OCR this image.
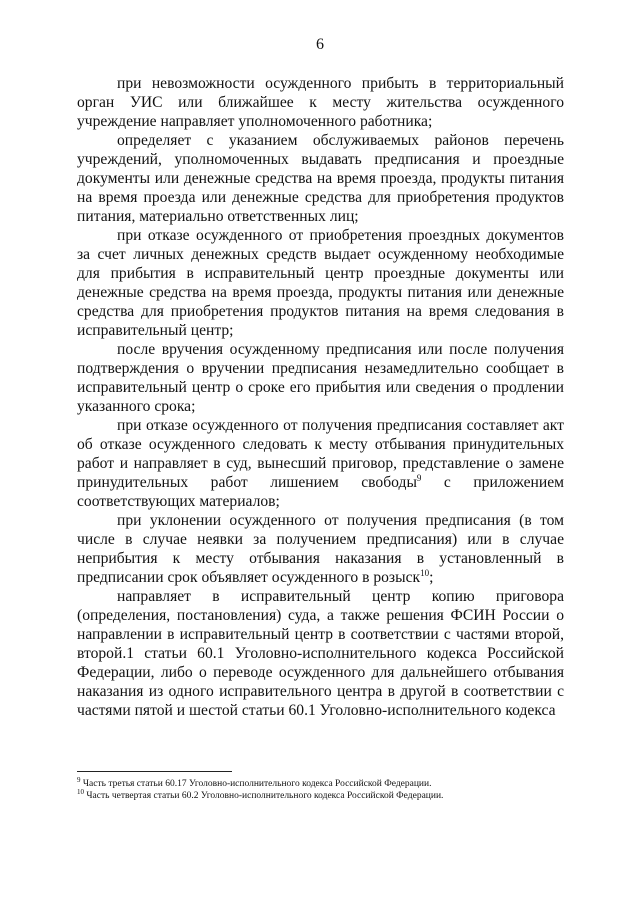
6

при невозможности осужденного прибыть в территориальный орган УИС или ближайшее к месту жительства осужденного учреждение направляет уполномоченного работника;

определяет с указанием обслуживаемых районов перечень учреждений, уполномоченных выдавать предписания и проездные документы или денежные средства на время проезда, продукты питания на время проезда или денежные средства для приобретения продуктов питания, материально ответственных лиц;

при отказе осужденного от приобретения проездных документов за счет личных денежных средств выдает осужденному необходимые для прибытия в исправительный центр проездные документы или денежные средства на время проезда, продукты питания или денежные средства для приобретения продуктов питания на время следования в исправительный центр;

после вручения осужденному предписания или после получения подтверждения о вручении предписания незамедлительно сообщает в исправительный центр о сроке его прибытия или сведения о продлении указанного срока;

при отказе осужденного от получения предписания составляет акт об отказе осужденного следовать к месту отбывания принудительных работ и направляет в суд, вынесший приговор, представление о замене принудительных работ лишением свободы$^9$ с приложением соответствующих материалов;

при уклонении осужденного от получения предписания (в том числе в случае неявки за получением предписания) или в случае неприбытия к месту отбывания наказания в установленный в предписании срок объявляет осужденного в розыск$^{10}$;

направляет в исправительный центр копию приговора (определения, постановления) суда, а также решения ФСИН России о направлении в исправительный центр в соответствии с частями второй, второй.1 статьи 60.1 Уголовно-исполнительного кодекса Российской Федерации, либо о переводе осужденного для дальнейшего отбывания наказания из одного исправительного центра в другой в соответствии с частями пятой и шестой статьи 60.1 Уголовно-исполнительного кодекса

$^9$ Часть третья статьи 60.17 Уголовно-исполнительного кодекса Российской Федерации.

$^{10}$ Часть четвертая статьи 60.2 Уголовно-исполнительного кодекса Российской Федерации.
